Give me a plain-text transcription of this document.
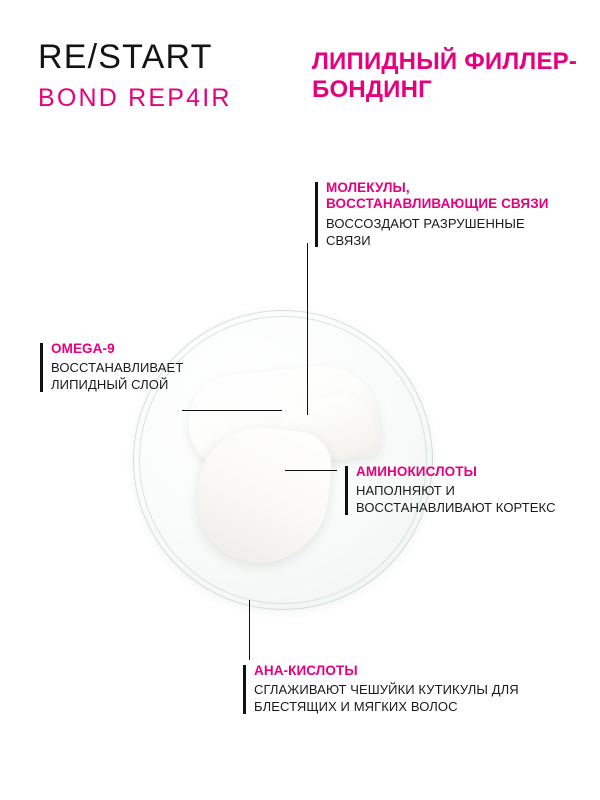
RE/START
BOND REP4IR
ЛИПИДНЫЙ ФИЛЛЕР-БОНДИНГ
МОЛЕКУЛЫ, ВОССТАНАВЛИВАЮЩИЕ СВЯЗИ
ВОССОЗДАЮТ РАЗРУШЕННЫЕ СВЯЗИ
OMEGA-9
ВОССТАНАВЛИВАЕТ ЛИПИДНЫЙ СЛОЙ
АМИНОКИСЛОТЫ
НАПОЛНЯЮТ И ВОССТАНАВЛИВАЮТ КОРТЕКС
AHA-КИСЛОТЫ
СГЛАЖИВАЮТ ЧЕШУЙКИ КУТИКУЛЫ ДЛЯ БЛЕСТЯЩИХ И МЯГКИХ ВОЛОС
